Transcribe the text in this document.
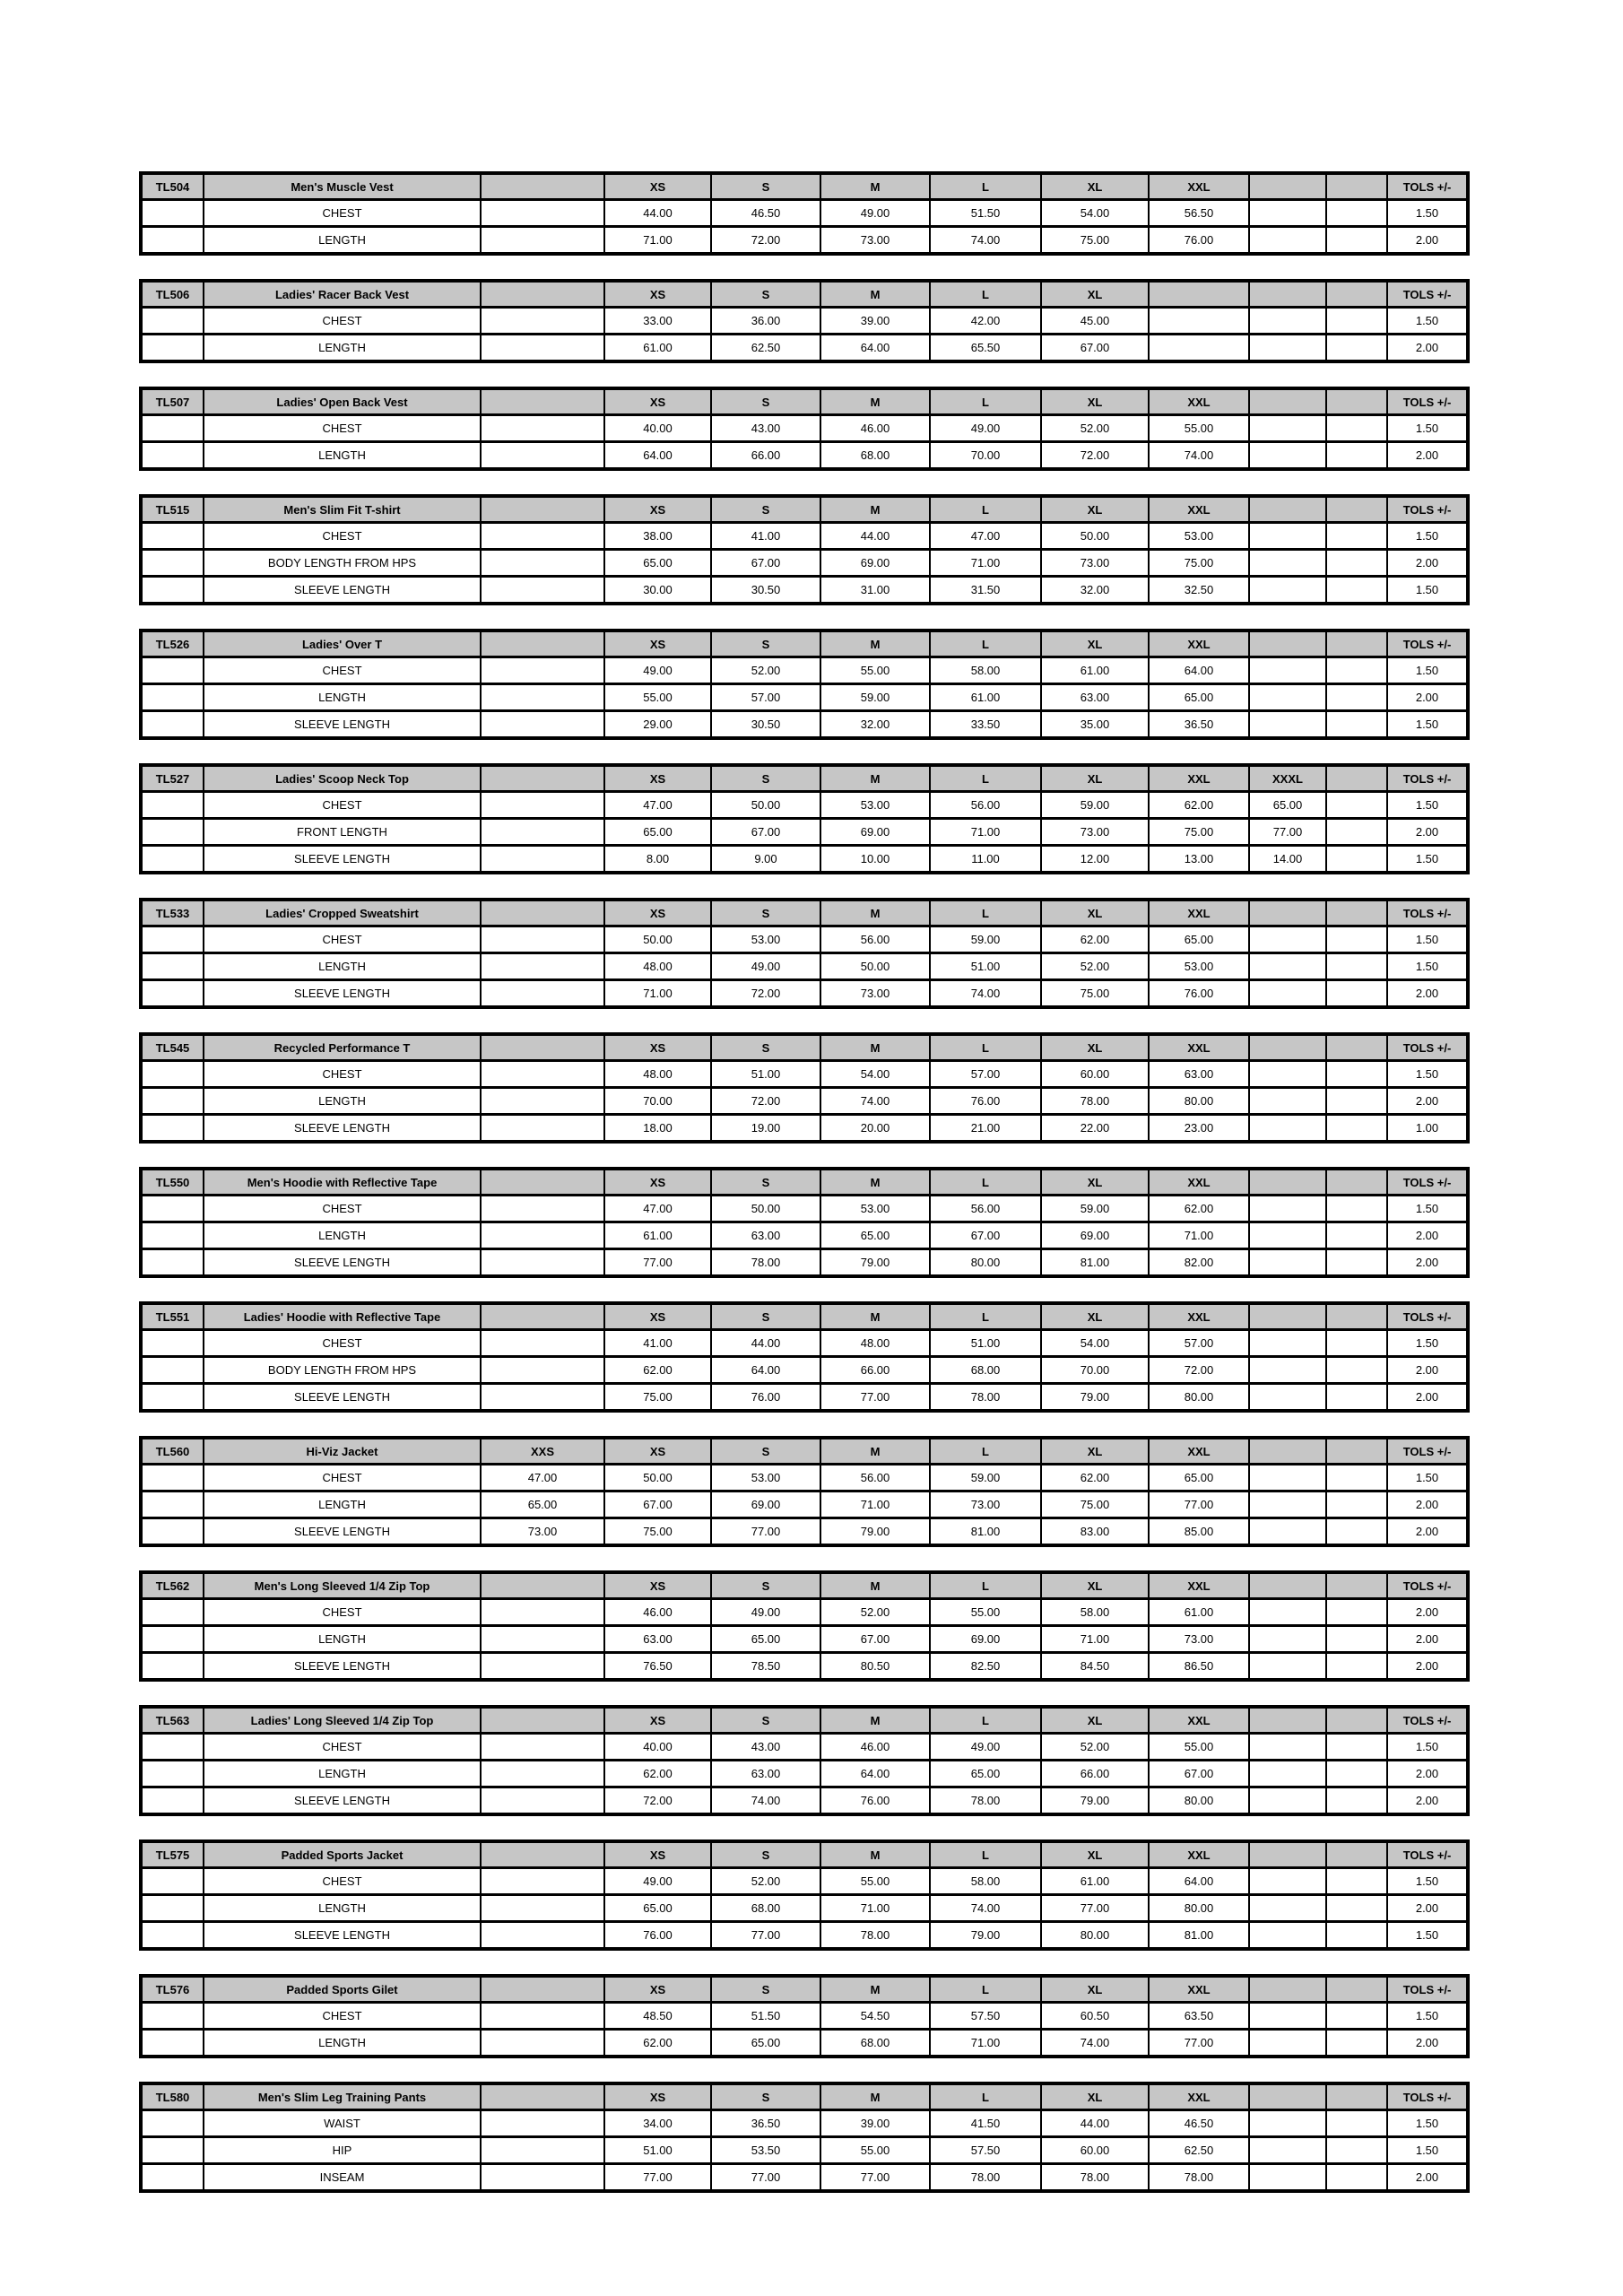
TL504	Men's Muscle Vest		XS	S	M	L	XL	XXL			TOLS +/-
	CHEST		44.00	46.50	49.00	51.50	54.00	56.50			1.50
	LENGTH		71.00	72.00	73.00	74.00	75.00	76.00			2.00
TL506	Ladies' Racer Back Vest		XS	S	M	L	XL				TOLS +/-
	CHEST		33.00	36.00	39.00	42.00	45.00				1.50
	LENGTH		61.00	62.50	64.00	65.50	67.00				2.00
TL507	Ladies' Open Back Vest		XS	S	M	L	XL	XXL			TOLS +/-
	CHEST		40.00	43.00	46.00	49.00	52.00	55.00			1.50
	LENGTH		64.00	66.00	68.00	70.00	72.00	74.00			2.00
TL515	Men's Slim Fit T-shirt		XS	S	M	L	XL	XXL			TOLS +/-
	CHEST		38.00	41.00	44.00	47.00	50.00	53.00			1.50
	BODY LENGTH FROM HPS		65.00	67.00	69.00	71.00	73.00	75.00			2.00
	SLEEVE LENGTH		30.00	30.50	31.00	31.50	32.00	32.50			1.50
TL526	Ladies' Over T		XS	S	M	L	XL	XXL			TOLS +/-
	CHEST		49.00	52.00	55.00	58.00	61.00	64.00			1.50
	LENGTH		55.00	57.00	59.00	61.00	63.00	65.00			2.00
	SLEEVE LENGTH		29.00	30.50	32.00	33.50	35.00	36.50			1.50
TL527	Ladies' Scoop Neck Top		XS	S	M	L	XL	XXL	XXXL		TOLS +/-
	CHEST		47.00	50.00	53.00	56.00	59.00	62.00	65.00		1.50
	FRONT LENGTH		65.00	67.00	69.00	71.00	73.00	75.00	77.00		2.00
	SLEEVE LENGTH		8.00	9.00	10.00	11.00	12.00	13.00	14.00		1.50
TL533	Ladies' Cropped Sweatshirt		XS	S	M	L	XL	XXL			TOLS +/-
	CHEST		50.00	53.00	56.00	59.00	62.00	65.00			1.50
	LENGTH		48.00	49.00	50.00	51.00	52.00	53.00			1.50
	SLEEVE LENGTH		71.00	72.00	73.00	74.00	75.00	76.00			2.00
TL545	Recycled Performance T		XS	S	M	L	XL	XXL			TOLS +/-
	CHEST		48.00	51.00	54.00	57.00	60.00	63.00			1.50
	LENGTH		70.00	72.00	74.00	76.00	78.00	80.00			2.00
	SLEEVE LENGTH		18.00	19.00	20.00	21.00	22.00	23.00			1.00
TL550	Men's Hoodie with Reflective Tape		XS	S	M	L	XL	XXL			TOLS +/-
	CHEST		47.00	50.00	53.00	56.00	59.00	62.00			1.50
	LENGTH		61.00	63.00	65.00	67.00	69.00	71.00			2.00
	SLEEVE LENGTH		77.00	78.00	79.00	80.00	81.00	82.00			2.00
TL551	Ladies' Hoodie with Reflective Tape		XS	S	M	L	XL	XXL			TOLS +/-
	CHEST		41.00	44.00	48.00	51.00	54.00	57.00			1.50
	BODY LENGTH FROM HPS		62.00	64.00	66.00	68.00	70.00	72.00			2.00
	SLEEVE LENGTH		75.00	76.00	77.00	78.00	79.00	80.00			2.00
TL560	Hi-Viz Jacket	XXS	XS	S	M	L	XL	XXL			TOLS +/-
	CHEST	47.00	50.00	53.00	56.00	59.00	62.00	65.00			1.50
	LENGTH	65.00	67.00	69.00	71.00	73.00	75.00	77.00			2.00
	SLEEVE LENGTH	73.00	75.00	77.00	79.00	81.00	83.00	85.00			2.00
TL562	Men's Long Sleeved 1/4 Zip Top		XS	S	M	L	XL	XXL			TOLS +/-
	CHEST		46.00	49.00	52.00	55.00	58.00	61.00			2.00
	LENGTH		63.00	65.00	67.00	69.00	71.00	73.00			2.00
	SLEEVE LENGTH		76.50	78.50	80.50	82.50	84.50	86.50			2.00
TL563	Ladies' Long Sleeved 1/4 Zip Top		XS	S	M	L	XL	XXL			TOLS +/-
	CHEST		40.00	43.00	46.00	49.00	52.00	55.00			1.50
	LENGTH		62.00	63.00	64.00	65.00	66.00	67.00			2.00
	SLEEVE LENGTH		72.00	74.00	76.00	78.00	79.00	80.00			2.00
TL575	Padded Sports Jacket		XS	S	M	L	XL	XXL			TOLS +/-
	CHEST		49.00	52.00	55.00	58.00	61.00	64.00			1.50
	LENGTH		65.00	68.00	71.00	74.00	77.00	80.00			2.00
	SLEEVE LENGTH		76.00	77.00	78.00	79.00	80.00	81.00			1.50
TL576	Padded Sports Gilet		XS	S	M	L	XL	XXL			TOLS +/-
	CHEST		48.50	51.50	54.50	57.50	60.50	63.50			1.50
	LENGTH		62.00	65.00	68.00	71.00	74.00	77.00			2.00
TL580	Men's Slim Leg Training Pants		XS	S	M	L	XL	XXL			TOLS +/-
	WAIST		34.00	36.50	39.00	41.50	44.00	46.50			1.50
	HIP		51.00	53.50	55.00	57.50	60.00	62.50			1.50
	INSEAM		77.00	77.00	77.00	78.00	78.00	78.00			2.00
